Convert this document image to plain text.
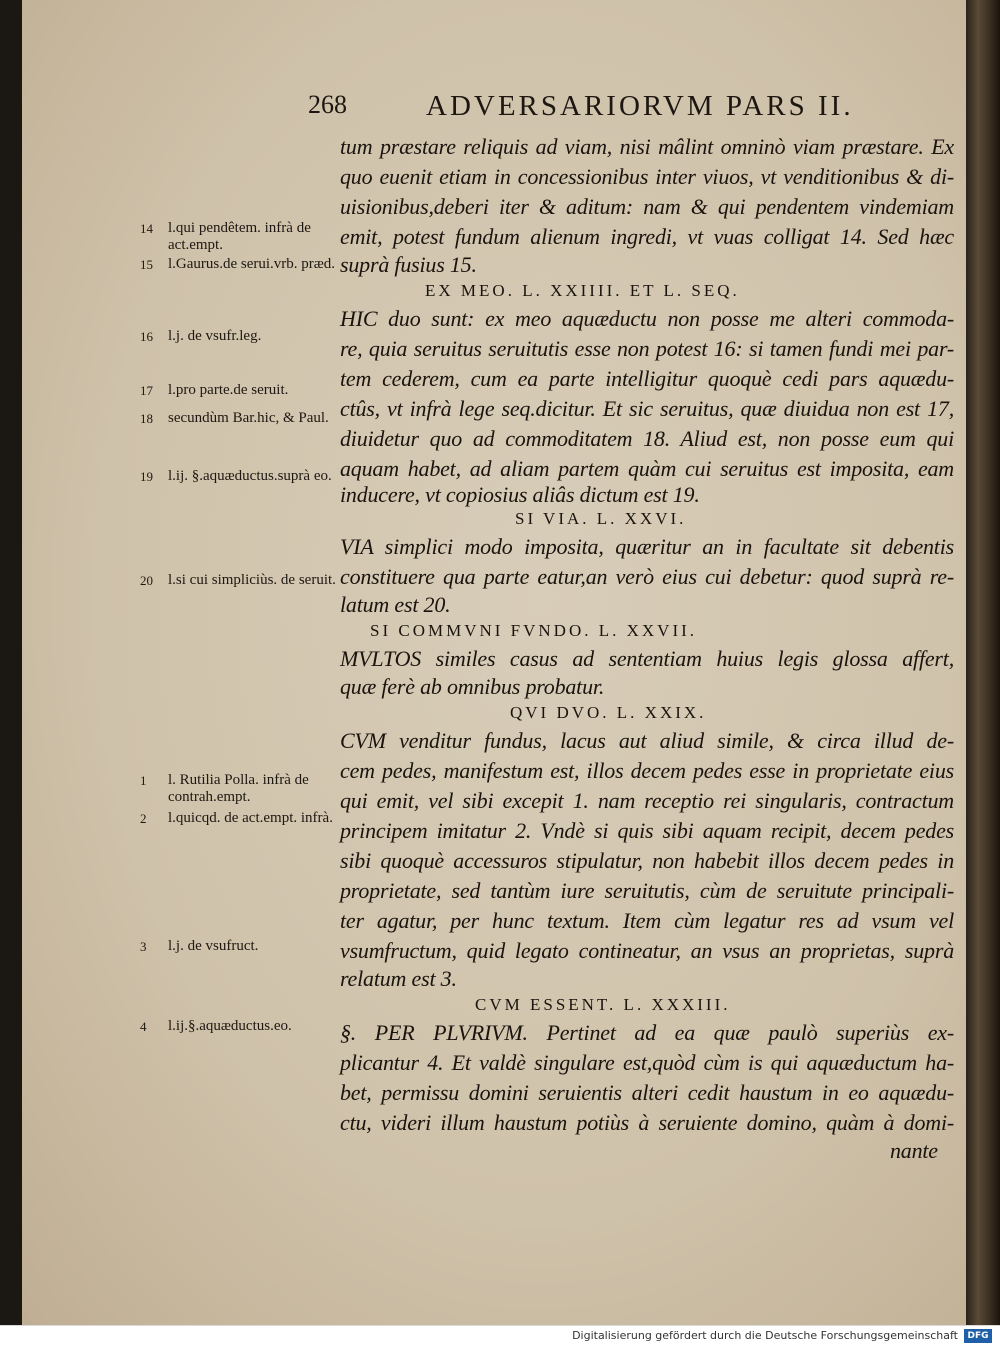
268	ADVERSARIORVM PARS II.
tum præstare reliquis ad viam, nisi mâlint omninò viam præstare. Ex
quo euenit etiam in concessionibus inter viuos, vt venditionibus & di-
uisionibus,deberi iter & aditum: nam & qui pendentem vindemiam
emit, potest fundum alienum ingredi, vt vuas colligat 14. Sed hæc
suprà fusius 15.
EX MEO. L. XXIIII. ET L. SEQ.
HIC duo sunt: ex meo aquæductu non posse me alteri commoda-
re, quia seruitus seruitutis esse non potest 16: si tamen fundi mei par-
tem cederem, cum ea parte intelligitur quoquè cedi pars aquædu-
ctûs, vt infrà lege seq.dicitur. Et sic seruitus, quæ diuidua non est 17,
diuidetur quo ad commoditatem 18. Aliud est, non posse eum qui
aquam habet, ad aliam partem quàm cui seruitus est imposita, eam
inducere, vt copiosius aliâs dictum est 19.
SI VIA. L. XXVI.
VIA simplici modo imposita, quæritur an in facultate sit debentis
constituere qua parte eatur,an verò eius cui debetur: quod suprà re-
latum est 20.
SI COMMVNI FVNDO. L. XXVII.
MVLTOS similes casus ad sententiam huius legis glossa affert,
quæ ferè ab omnibus probatur.
QVI DVO. L. XXIX.
CVM venditur fundus, lacus aut aliud simile, & circa illud de-
cem pedes, manifestum est, illos decem pedes esse in proprietate eius
qui emit, vel sibi excepit 1. nam receptio rei singularis, contractum
principem imitatur 2. Vndè si quis sibi aquam recipit, decem pedes
sibi quoquè accessuros stipulatur, non habebit illos decem pedes in
proprietate, sed tantùm iure seruitutis, cùm de seruitute principali-
ter agatur, per hunc textum. Item cùm legatur res ad vsum vel
vsumfructum, quid legato contineatur, an vsus an proprietas, suprà
relatum est 3.
CVM ESSENT. L. XXXIII.
§. PER PLVRIVM. Pertinet ad ea quæ paulò superiùs ex-
plicantur 4. Et valdè singulare est,quòd cùm is qui aquæductum ha-
bet, permissu domini seruientis alteri cedit haustum in eo aquædu-
ctu, videri illum haustum potiùs à seruiente domino, quàm à domi-
nante
14	l.qui pendêtem. infrà de act.empt.
15	l.Gaurus.de serui.vrb. præd.
16	l.j. de vsufr.leg.
17	l.pro parte.de seruit.
18	secundùm Bar.hic, & Paul.
19	l.ij. §.aquæductus.suprà eo.
20	l.si cui simpliciùs. de seruit.
1	l. Rutilia Polla. infrà de contrah.empt.
2	l.quicqd. de act.empt. infrà.
3	l.j. de vsufruct.
4	l.ij.§.aquæductus.eo.
Digitalisierung gefördert durch die Deutsche Forschungsgemeinschaft	DFG
